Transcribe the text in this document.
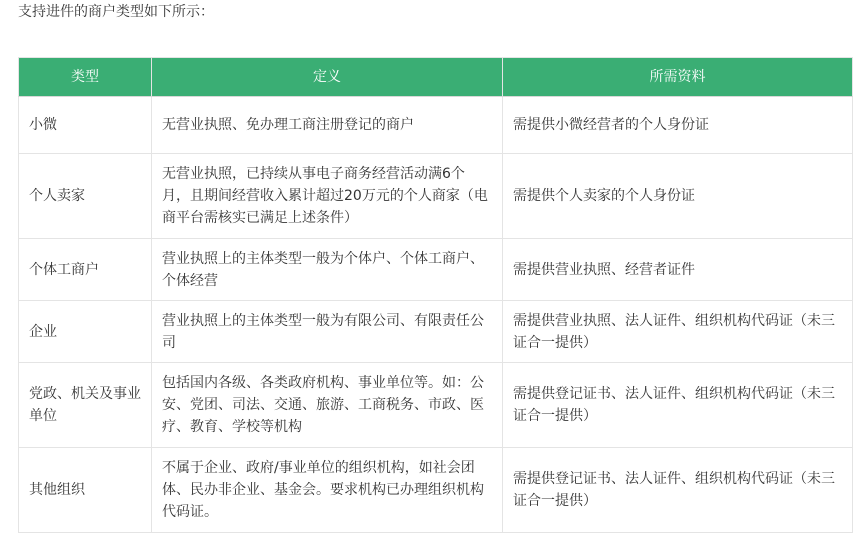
支持进件的商户类型如下所示：
类型	定义	所需资料
小微	无营业执照、免办理工商注册登记的商户	需提供小微经营者的个人身份证
个人卖家	无营业执照，已持续从事电子商务经营活动满6个月，且期间经营收入累计超过20万元的个人商家（电商平台需核实已满足上述条件）	需提供个人卖家的个人身份证
个体工商户	营业执照上的主体类型一般为个体户、个体工商户、个体经营	需提供营业执照、经营者证件
企业	营业执照上的主体类型一般为有限公司、有限责任公司	需提供营业执照、法人证件、组织机构代码证（未三证合一提供）
党政、机关及事业单位	包括国内各级、各类政府机构、事业单位等。如：公安、党团、司法、交通、旅游、工商税务、市政、医疗、教育、学校等机构	需提供登记证书、法人证件、组织机构代码证（未三证合一提供）
其他组织	不属于企业、政府/事业单位的组织机构，如社会团体、民办非企业、基金会。要求机构已办理组织机构代码证。	需提供登记证书、法人证件、组织机构代码证（未三证合一提供）
